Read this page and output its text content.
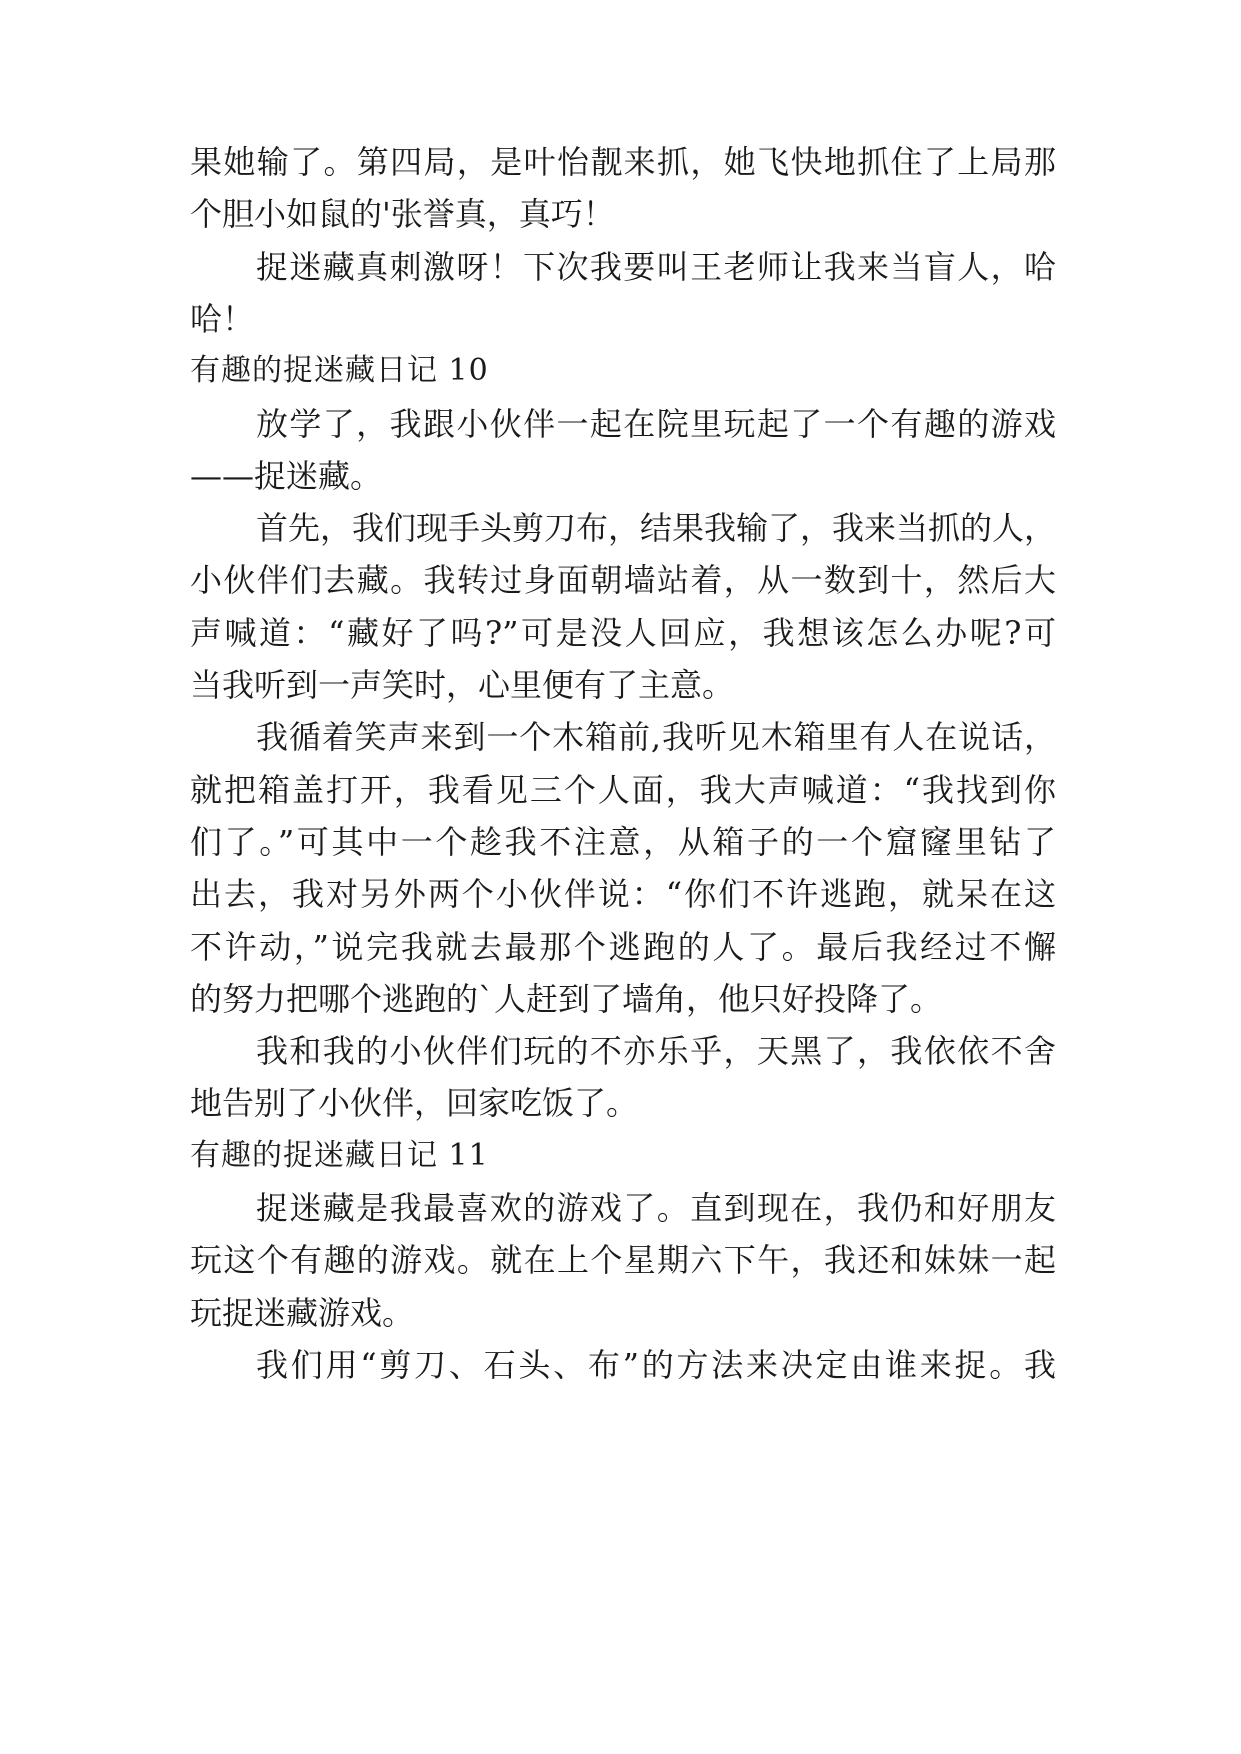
果她输了。第四局，是叶怡靓来抓，她飞快地抓住了上局那
个胆小如鼠的'张誉真，真巧！
捉迷藏真刺激呀！下次我要叫王老师让我来当盲人，哈
哈！
有趣的捉迷藏日记 10
放学了，我跟小伙伴一起在院里玩起了一个有趣的游戏
——捉迷藏。
首先，我们现手头剪刀布，结果我输了，我来当抓的人，
小伙伴们去藏。我转过身面朝墙站着，从一数到十，然后大
声喊道：“藏好了吗?”可是没人回应，我想该怎么办呢?可
当我听到一声笑时，心里便有了主意。
我循着笑声来到一个木箱前,我听见木箱里有人在说话，
就把箱盖打开，我看见三个人面，我大声喊道：“我找到你
们了。”可其中一个趁我不注意，从箱子的一个窟窿里钻了
出去，我对另外两个小伙伴说：“你们不许逃跑，就呆在这
不许动，”说完我就去最那个逃跑的人了。最后我经过不懈
的努力把哪个逃跑的`人赶到了墙角，他只好投降了。
我和我的小伙伴们玩的不亦乐乎，天黑了，我依依不舍
地告别了小伙伴，回家吃饭了。
有趣的捉迷藏日记 11
捉迷藏是我最喜欢的游戏了。直到现在，我仍和好朋友
玩这个有趣的游戏。就在上个星期六下午，我还和妹妹一起
玩捉迷藏游戏。
我们用“剪刀、石头、布”的方法来决定由谁来捉。我
